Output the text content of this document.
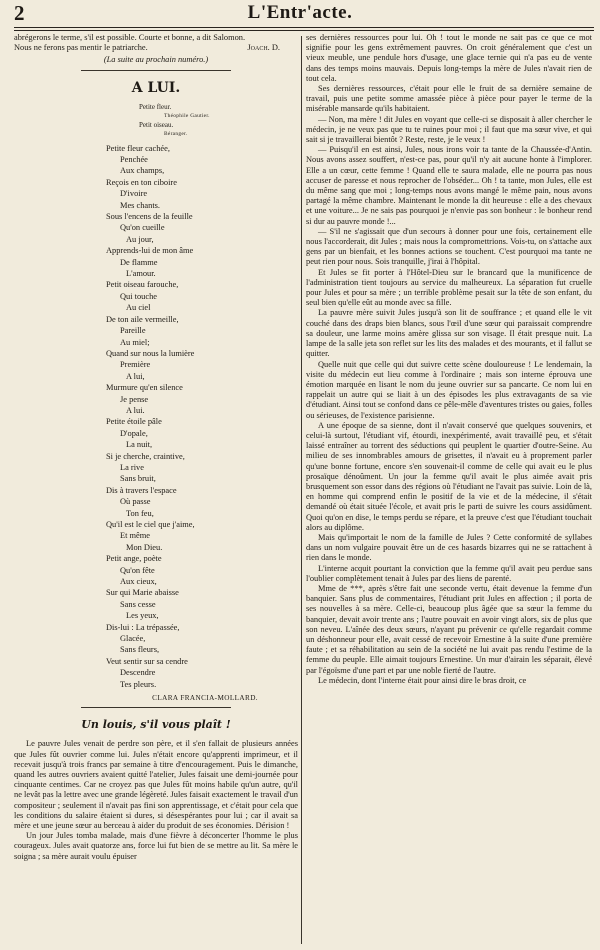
2	L'Entr'acte.

abrégerons le terme, s'il est possible. Courte et bonne, a dit Salomon.

Nous ne ferons pas mentir le patriarche.	Joach. D.
(La suite au prochain numéro.)
A LUI.
Petite fleur.
Théophile Gautier.
Petit oiseau.
Béranger.
Petite fleur cachée,
Penchée
Aux champs,
Reçois en ton ciboire
D'ivoire
Mes chants.
Sous l'encens de la feuille
Qu'on cueille
Au jour,
Apprends-lui de mon âme
De flamme
L'amour.
Petit oiseau farouche,
Qui touche
Au ciel
De ton aile vermeille,
Pareille
Au miel;
Quand sur nous la lumière
Première
A lui,
Murmure qu'en silence
Je pense
A lui.
Petite étoile pâle
D'opale,
La nuit,
Si je cherche, craintive,
La rive
Sans bruit,
Dis à travers l'espace
Où passe
Ton feu,
Qu'il est le ciel que j'aime,
Et même
Mon Dieu.
Petit ange, poète
Qu'on fête
Aux cieux,
Sur qui Marie abaisse
Sans cesse
Les yeux,
Dis-lui : La trépassée,
Glacée,
Sans fleurs,
Veut sentir sur sa cendre
Descendre
Tes pleurs.
CLARA FRANCIA-MOLLARD.
Un louis, s'il vous plaît !

Le pauvre Jules venait de perdre son père, et il s'en fallait de plusieurs années que Jules fût ouvrier comme lui. Jules n'était encore qu'apprenti imprimeur, et il recevait jusqu'à trois francs par semaine à titre d'encouragement. Puis le dimanche, quand les autres ouvriers avaient quitté l'atelier, Jules faisait une demi-journée pour cinquante centimes. Car ne croyez pas que Jules fût moins habile qu'un autre, qu'il ne levât pas la lettre avec une grande légèreté. Jules faisait exactement le travail d'un compositeur ; seulement il n'avait pas fini son apprentissage, et c'était pour cela que les conditions du salaire étaient si dures, si désespérantes pour lui ; car il avait sa mère et une jeune sœur au berceau à aider du produit de ses économies. Dérision !

Un jour Jules tomba malade, mais d'une fièvre à déconcerter l'homme le plus courageux. Jules avait quatorze ans, force lui fut bien de se mettre au lit. Sa mère le soigna ; sa mère aurait voulu épuiser

ses dernières ressources pour lui. Oh ! tout le monde ne sait pas ce que ce mot signifie pour les gens extrêmement pauvres. On croit généralement que c'est un vieux meuble, une pendule hors d'usage, une glace ternie qui n'a pas eu de vente dans des temps moins mauvais. Depuis long-temps la mère de Jules n'avait rien de tout cela.

Ses dernières ressources, c'était pour elle le fruit de sa dernière semaine de travail, puis une petite somme amassée pièce à pièce pour payer le terme de la misérable mansarde qu'ils habitaient.

— Non, ma mère ! dit Jules en voyant que celle-ci se disposait à aller chercher le médecin, je ne veux pas que tu te ruines pour moi ; il faut que ma sœur vive, et qui sait si je travaillerai bientôt ? Reste, reste, je le veux !

— Puisqu'il en est ainsi, Jules, nous irons voir ta tante de la Chaussée-d'Antin. Nous avons assez souffert, n'est-ce pas, pour qu'il n'y ait aucune honte à l'implorer. Elle a un cœur, cette femme ! Quand elle te saura malade, elle ne pourra pas nous accuser de paresse et nous reprocher de l'obséder... Oh ! ta tante, mon Jules, elle est du même sang que moi ; long-temps nous avons mangé le même pain, nous avons partagé la même chambre. Maintenant le monde la dit heureuse : elle a des chevaux et une voiture... Je ne sais pas pourquoi je n'envie pas son bonheur : le bonheur rend si dur au pauvre monde !...

— S'il ne s'agissait que d'un secours à donner pour une fois, certainement elle nous l'accorderait, dit Jules ; mais nous la compromettrions. Vois-tu, on s'attache aux gens par un bienfait, et les bonnes actions se touchent. C'est pourquoi ma tante ne peut rien pour nous. Sois tranquille, j'irai à l'hôpital.

Et Jules se fit porter à l'Hôtel-Dieu sur le brancard que la munificence de l'administration tient toujours au service du malheureux. La séparation fut cruelle pour Jules et pour sa mère ; un terrible problème pesait sur la tête de son enfant, du seul bien qu'elle eût au monde avec sa fille.

La pauvre mère suivit Jules jusqu'à son lit de souffrance ; et quand elle le vit couché dans des draps bien blancs, sous l'œil d'une sœur qui paraissait comprendre sa douleur, une larme moins amère glissa sur son visage. Il était presque nuit. La lampe de la salle jeta son reflet sur les lits des malades et des mourants, et il fallut se quitter.

Quelle nuit que celle qui dut suivre cette scène douloureuse ! Le lendemain, la visite du médecin eut lieu comme à l'ordinaire ; mais son interne éprouva une émotion marquée en lisant le nom du jeune ouvrier sur sa pancarte. Ce nom lui en rappelait un autre qui se liait à un des épisodes les plus extravagants de sa vie d'étudiant. Ainsi tout se confond dans ce pêle-mêle d'aventures tristes ou gaies, folles ou sérieuses, de l'existence parisienne.

A une époque de sa sienne, dont il n'avait conservé que quelques souvenirs, et celui-là surtout, l'étudiant vif, étourdi, inexpérimenté, avait travaillé peu, et s'était laissé entraîner au torrent des séductions qui peuplent le quartier d'outre-Seine. Au milieu de ses innombrables amours de grisettes, il n'avait eu à proprement parler qu'une bonne fortune, encore s'en souvenait-il comme de celle qui avait eu le plus prosaïque dénoûment. Un jour la femme qu'il avait le plus aimée avait pris brusquement son essor dans des régions où l'étudiant ne l'avait pas suivie. Loin de là, en homme qui comprend enfin le positif de la vie et de la médecine, il s'était demandé où était située l'école, et avait pris le parti de suivre les cours assidûment. Quoi qu'on en dise, le temps perdu se répare, et la preuve c'est que l'étudiant touchait alors au diplôme.

Mais qu'importait le nom de la famille de Jules ? Cette conformité de syllabes dans un nom vulgaire pouvait être un de ces hasards bizarres qui ne se rattachent à rien dans le monde.

L'interne acquit pourtant la conviction que la femme qu'il avait peu perdue sans l'oublier complètement tenait à Jules par des liens de parenté.

Mme de ***, après s'être fait une seconde vertu, était devenue la femme d'un banquier. Sans plus de commentaires, l'étudiant prit Jules en affection ; il porta de ses nouvelles à sa mère. Celle-ci, beaucoup plus âgée que sa sœur la femme du banquier, devait avoir trente ans ; l'autre pouvait en avoir vingt alors, six de plus que son neveu. L'aînée des deux sœurs, n'ayant pu prévenir ce qu'elle regardait comme un déshonneur pour elle, avait cessé de recevoir Ernestine à la suite d'une première faute ; et sa réhabilitation au sein de la société ne lui avait pas rendu l'estime de la femme du peuple. Elle aimait toujours Ernestine. Un mur d'airain les séparait, élevé par l'égoïsme d'une part et par une noble fierté de l'autre.

Le médecin, dont l'interne était pour ainsi dire le bras droit, ce
